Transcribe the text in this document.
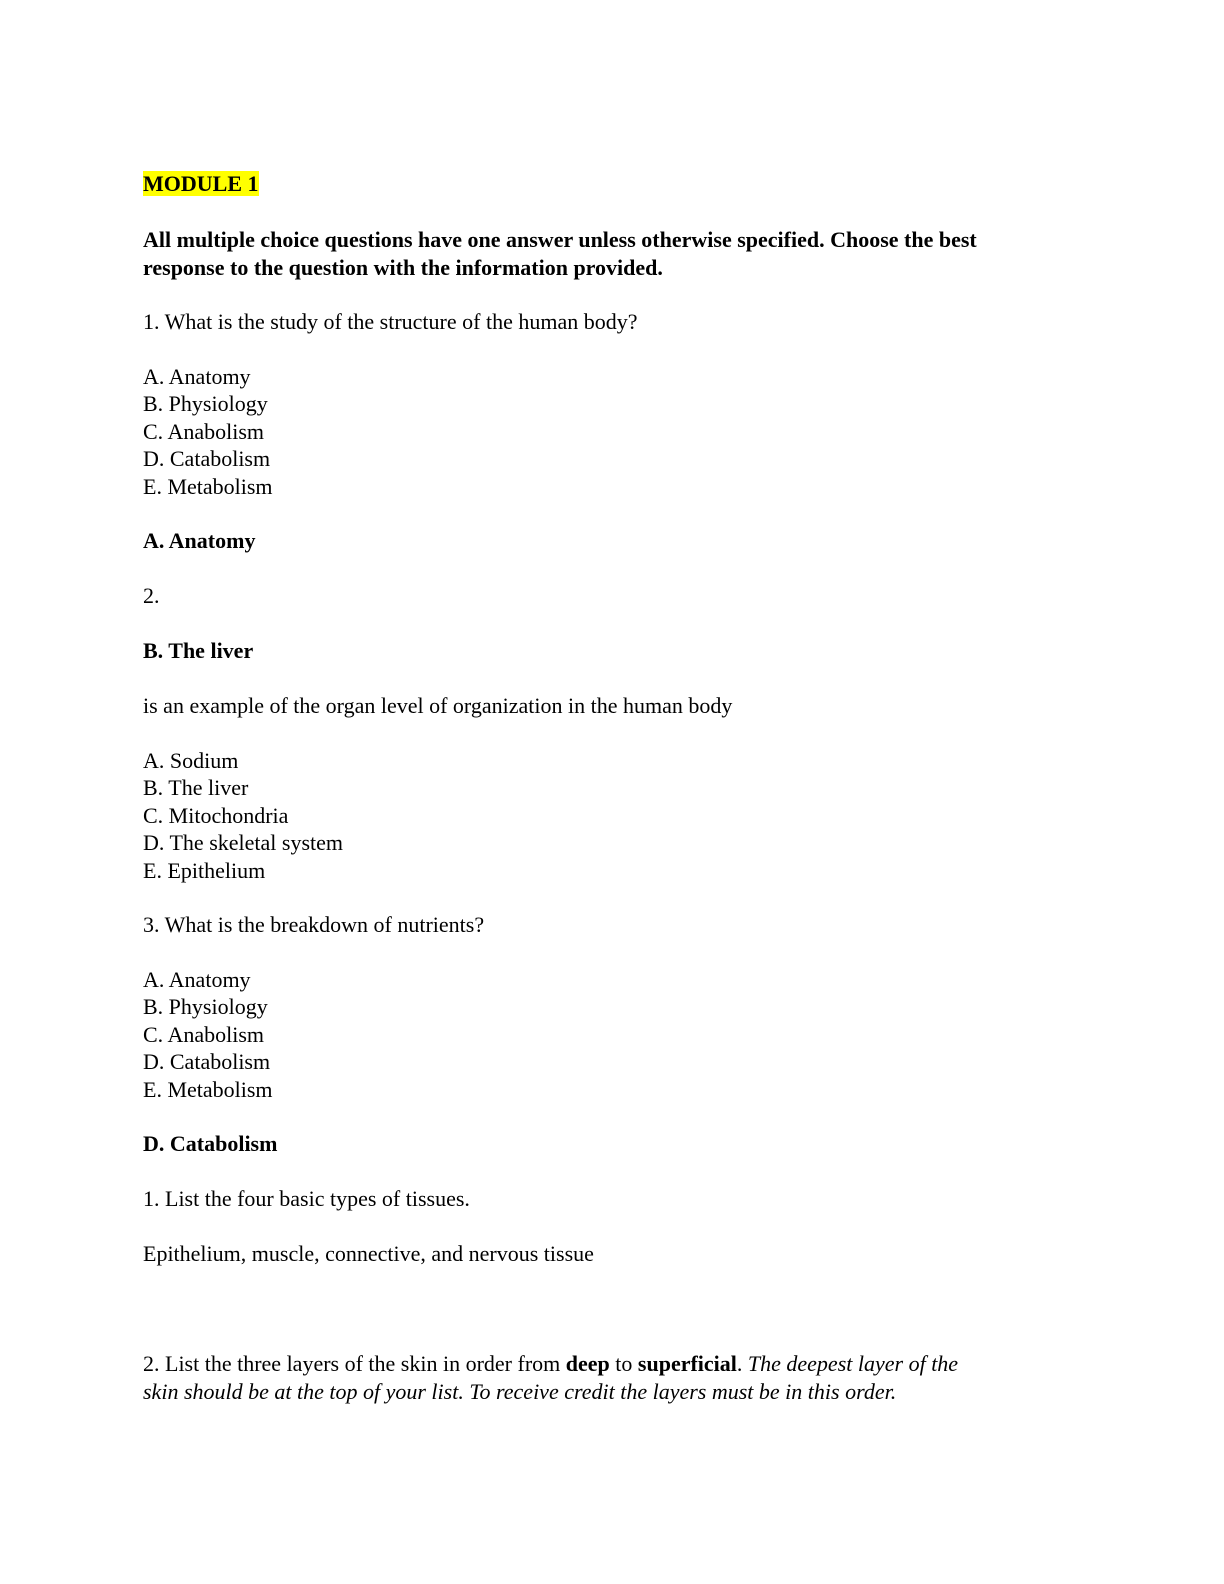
MODULE 1
All multiple choice questions have one answer unless otherwise specified. Choose the best
response to the question with the information provided.
1. What is the study of the structure of the human body?
A. Anatomy
B. Physiology
C. Anabolism
D. Catabolism
E. Metabolism
A. Anatomy
2.
B. The liver
is an example of the organ level of organization in the human body
A. Sodium
B. The liver
C. Mitochondria
D. The skeletal system
E. Epithelium
3. What is the breakdown of nutrients?
A. Anatomy
B. Physiology
C. Anabolism
D. Catabolism
E. Metabolism
D. Catabolism
1. List the four basic types of tissues.
Epithelium, muscle, connective, and nervous tissue
2. List the three layers of the skin in order from deep to superficial. The deepest layer of the
skin should be at the top of your list. To receive credit the layers must be in this order.
